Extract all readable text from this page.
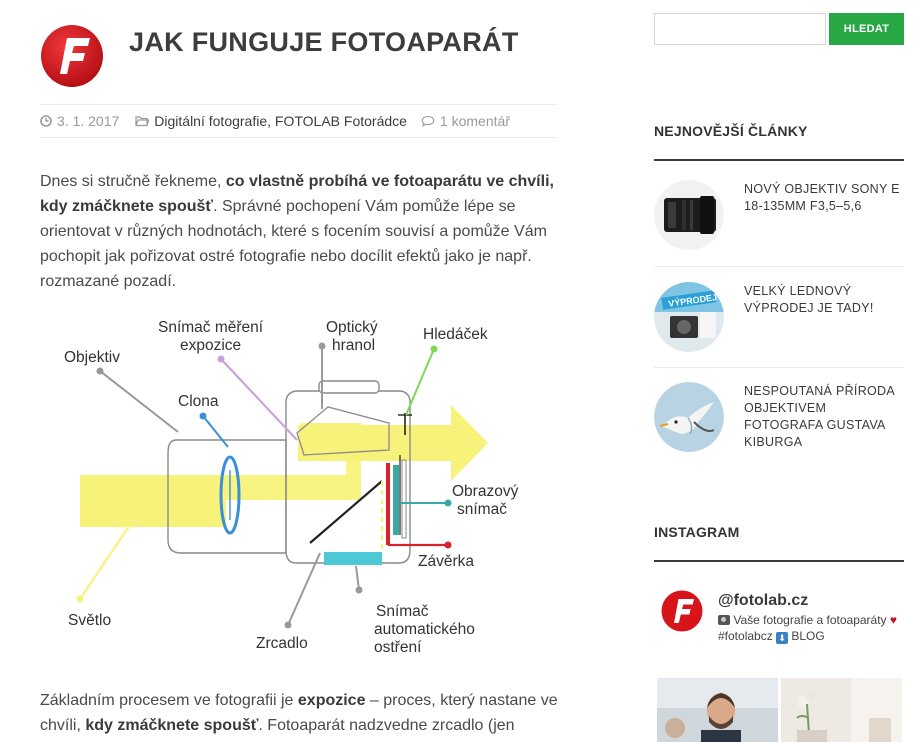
JAK FUNGUJE FOTOAPARÁT
3. 1. 2017	Digitální fotografie, FOTOLAB Fotorádce 1 komentář

Dnes si stručně řekneme, co vlastně probíhá ve fotoaparátu ve chvíli, kdy zmáčknete spoušť. Správné pochopení Vám pomůže lépe se orientovat v různých hodnotách, které s focením souvisí a pomůže Vám pochopit jak pořizovat ostré fotografie nebo docílit efektů jako je např. rozmazané pozadí.

Objektiv
Snímač měření
expozice
Optický
hranol
Hledáček
Clona
Obrazový
snímač
Závěrka
Světlo
Zrcadlo
Snímač
automatického
ostření

Základním procesem ve fotografii je expozice – proces, který nastane ve chvíli, kdy zmáčknete spoušť. Fotoaparát nadzvedne zrcadlo (jen

HLEDAT
NEJNOVĚJŠÍ ČLÁNKY
NOVÝ OBJEKTIV SONY E 18-135MM F3,5–5,6
VÝPRODEJ
VELKÝ LEDNOVÝ VÝPRODEJ JE TADY!
NESPOUTANÁ PŘÍRODA OBJEKTIVEM FOTOGRAFA GUSTAVA KIBURGA
INSTAGRAM
@fotolab.cz
Vaše fotografie a fotoaparáty ♥ #fotolabcz ⬇ BLOG
